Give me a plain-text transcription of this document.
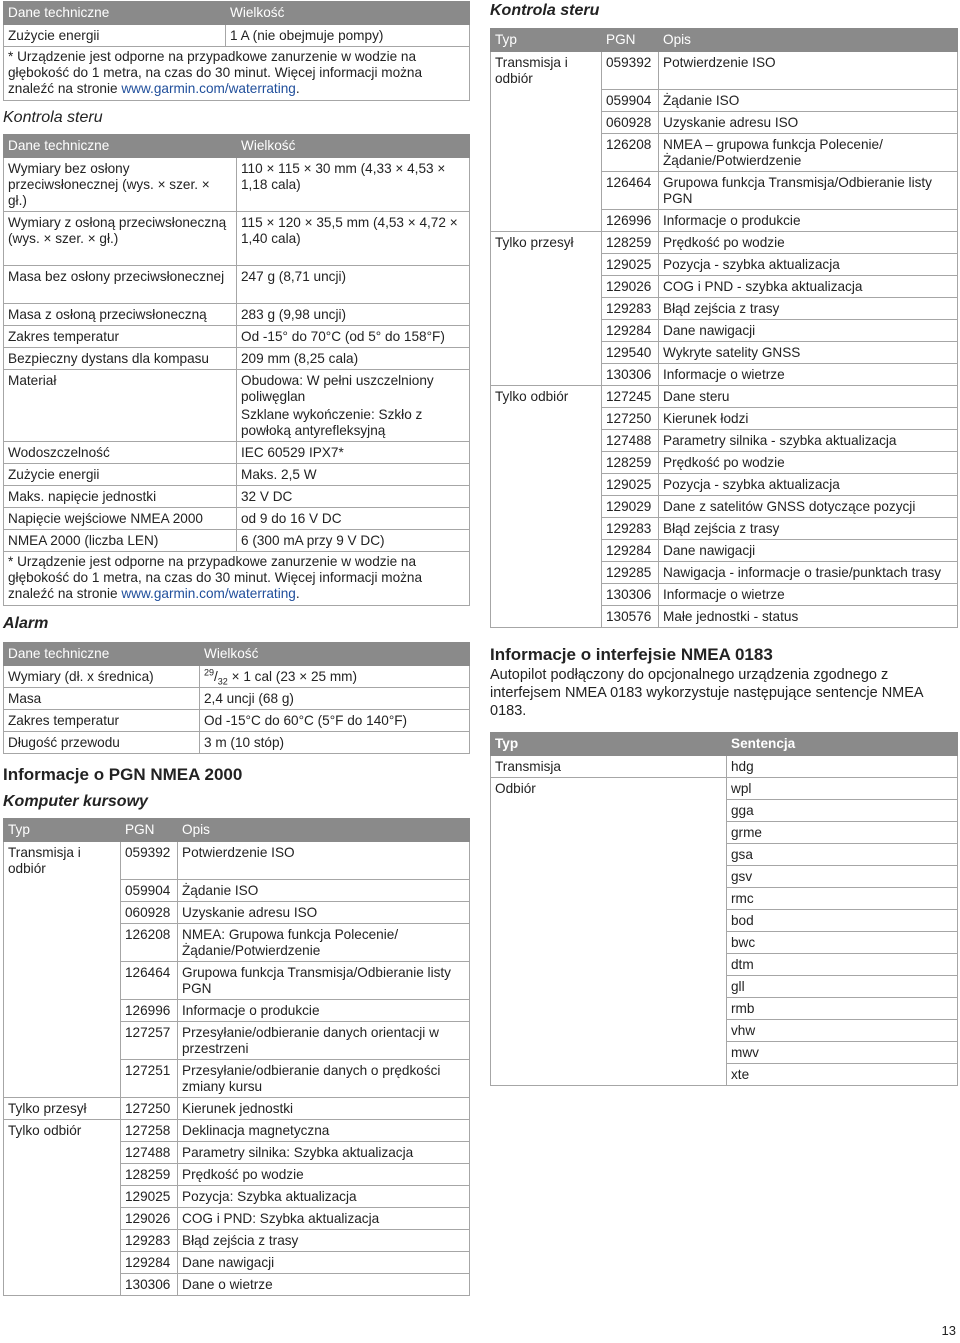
Dane techniczne	Wielkość
Zużycie energii	1 A (nie obejmuje pompy)
* Urządzenie jest odporne na przypadkowe zanurzenie w wodzie na głębokość do 1 metra, na czas do 30 minut. Więcej informacji można znaleźć na stronie www.garmin.com/waterrating.
Kontrola steru
Dane techniczne	Wielkość
Wymiary bez osłony przeciwsłonecznej (wys. × szer. × gł.)	110 × 115 × 30 mm (4,33 × 4,53 × 1,18 cala)
Wymiary z osłoną przeciwsłoneczną (wys. × szer. × gł.)	115 × 120 × 35,5 mm (4,53 × 4,72 × 1,40 cala)
Masa bez osłony przeciwsłonecznej	247 g (8,71 uncji)
Masa z osłoną przeciwsłoneczną	283 g (9,98 uncji)
Zakres temperatur	Od -15° do 70°C (od 5° do 158°F)
Bezpieczny dystans dla kompasu	209 mm (8,25 cala)
Materiał	Obudowa: W pełni uszczelniony poliwęglan
Szklane wykończenie: Szkło z powłoką antyrefleksyjną

Wodoszczelność	IEC 60529 IPX7*
Zużycie energii	Maks. 2,5 W
Maks. napięcie jednostki	32 V DC
Napięcie wejściowe NMEA 2000	od 9 do 16 V DC
NMEA 2000 (liczba LEN)	6 (300 mA przy 9 V DC)
* Urządzenie jest odporne na przypadkowe zanurzenie w wodzie na głębokość do 1 metra, na czas do 30 minut. Więcej informacji można znaleźć na stronie www.garmin.com/waterrating.
Alarm
Dane techniczne	Wielkość
Wymiary (dł. x średnica)	$^{29}/_{32} \times 1$ cal (23 × 25 mm)
Masa	2,4 uncji (68 g)
Zakres temperatur	Od -15°C do 60°C (5°F do 140°F)
Długość przewodu	3 m (10 stóp)
Informacje o PGN NMEA 2000
Komputer kursowy
Typ	PGN	Opis
Transmisja i odbiór	059392	Potwierdzenie ISO
	059904	Żądanie ISO
	060928	Uzyskanie adresu ISO
	126208	NMEA: Grupowa funkcja Polecenie/Żądanie/Potwierdzenie
	126464	Grupowa funkcja Transmisja/Odbieranie listy PGN
	126996	Informacje o produkcie
	127257	Przesyłanie/odbieranie danych orientacji w przestrzeni
	127251	Przesyłanie/odbieranie danych o prędkości zmiany kursu
Tylko przesył	127250	Kierunek jednostki
Tylko odbiór	127258	Deklinacja magnetyczna
	127488	Parametry silnika: Szybka aktualizacja
	128259	Prędkość po wodzie
	129025	Pozycja: Szybka aktualizacja
	129026	COG i PND: Szybka aktualizacja
	129283	Błąd zejścia z trasy
	129284	Dane nawigacji
	130306	Dane o wietrze
Kontrola steru
Typ	PGN	Opis
Transmisja i odbiór	059392	Potwierdzenie ISO
	059904	Żądanie ISO
	060928	Uzyskanie adresu ISO
	126208	NMEA – grupowa funkcja Polecenie/Żądanie/Potwierdzenie
	126464	Grupowa funkcja Transmisja/Odbieranie listy PGN
	126996	Informacje o produkcie
Tylko przesył	128259	Prędkość po wodzie
	129025	Pozycja - szybka aktualizacja
	129026	COG i PND - szybka aktualizacja
	129283	Błąd zejścia z trasy
	129284	Dane nawigacji
	129540	Wykryte satelity GNSS
	130306	Informacje o wietrze
Tylko odbiór	127245	Dane steru
	127250	Kierunek łodzi
	127488	Parametry silnika - szybka aktualizacja
	128259	Prędkość po wodzie
	129025	Pozycja - szybka aktualizacja
	129029	Dane z satelitów GNSS dotyczące pozycji
	129283	Błąd zejścia z trasy
	129284	Dane nawigacji
	129285	Nawigacja - informacje o trasie/punktach trasy
	130306	Informacje o wietrze
	130576	Małe jednostki - status
Informacje o interfejsie NMEA 0183

Autopilot podłączony do opcjonalnego urządzenia zgodnego z interfejsem NMEA 0183 wykorzystuje następujące sentencje NMEA 0183.

Typ	Sentencja
Transmisja	hdg
Odbiór	wpl
	gga
	grme
	gsa
	gsv
	rmc
	bod
	bwc
	dtm
	gll
	rmb
	vhw
	mwv
	xte
13
